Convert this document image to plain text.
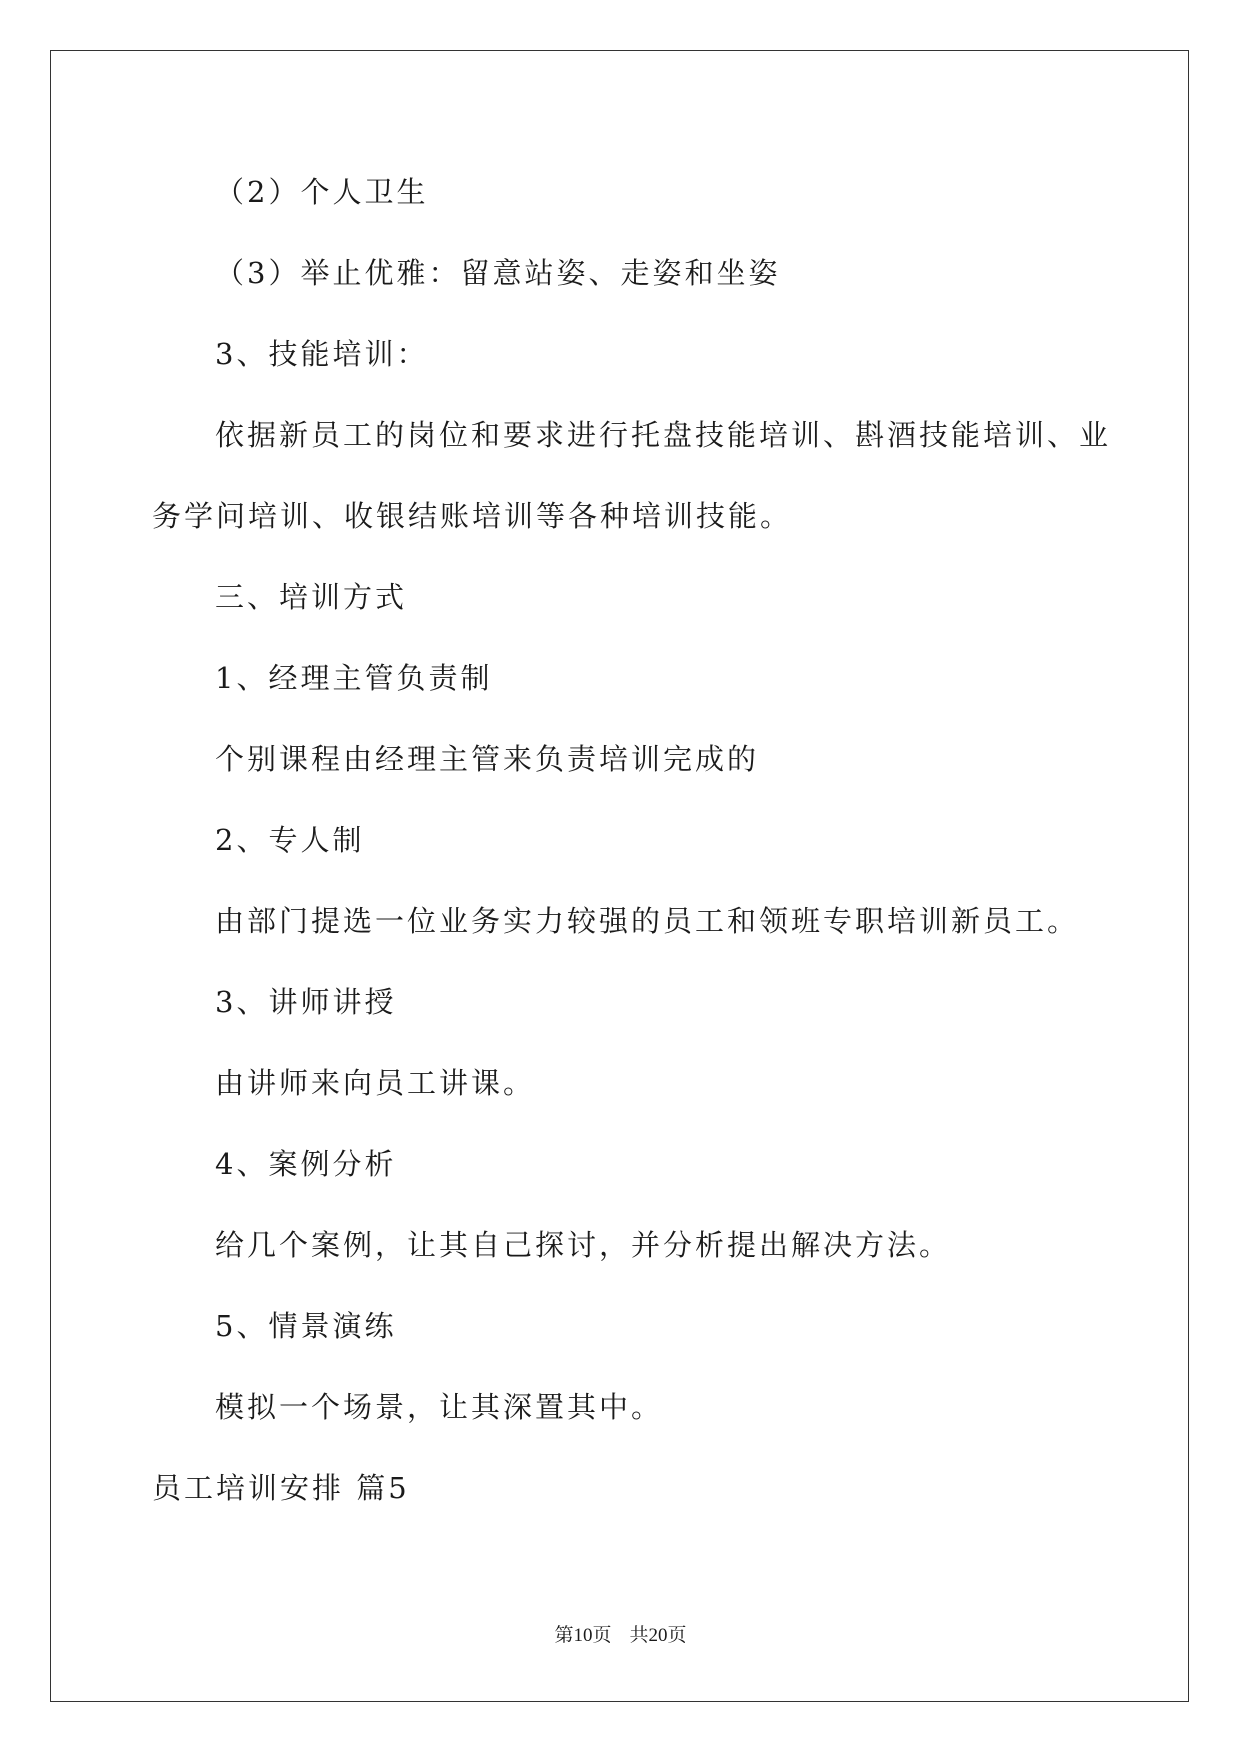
（2）个人卫生
（3）举止优雅：留意站姿、走姿和坐姿
3、技能培训：
依据新员工的岗位和要求进行托盘技能培训、斟酒技能培训、业
务学问培训、收银结账培训等各种培训技能。
三、培训方式
1、经理主管负责制
个别课程由经理主管来负责培训完成的
2、专人制
由部门提选一位业务实力较强的员工和领班专职培训新员工。
3、讲师讲授
由讲师来向员工讲课。
4、案例分析
给几个案例，让其自己探讨，并分析提出解决方法。
5、情景演练
模拟一个场景，让其深置其中。
员工培训安排 篇5
第10页 共20页
